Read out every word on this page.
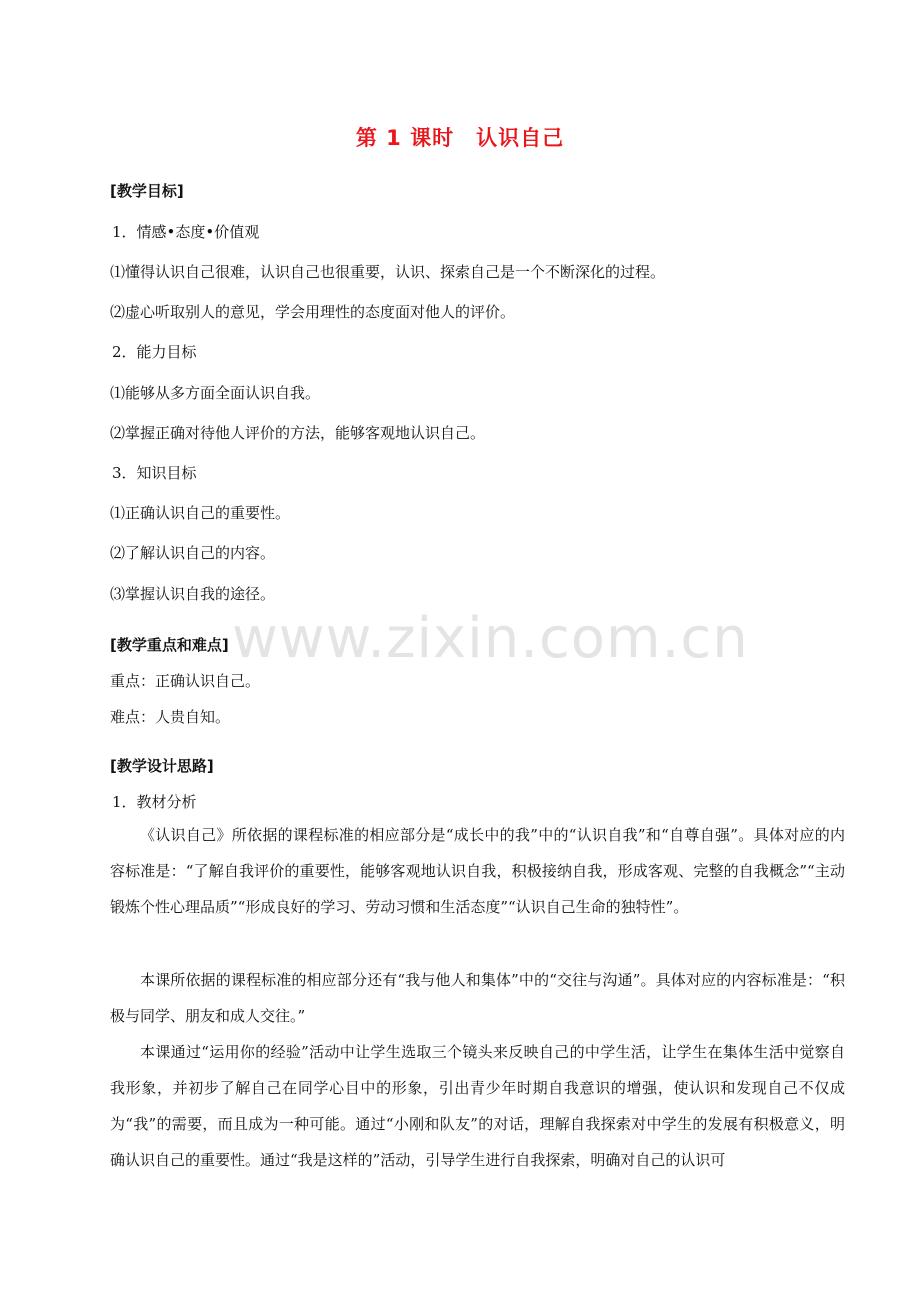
第 1 课时　认识自己
[教学目标]
1．情感•态度•价值观
⑴懂得认识自己很难，认识自己也很重要，认识、探索自己是一个不断深化的过程。
⑵虚心听取别人的意见，学会用理性的态度面对他人的评价。
2．能力目标
⑴能够从多方面全面认识自我。
⑵掌握正确对待他人评价的方法，能够客观地认识自己。
3．知识目标
⑴正确认识自己的重要性。
⑵了解认识自己的内容。
⑶掌握认识自我的途径。
[教学重点和难点]
重点：正确认识自己。
难点：人贵自知。
[教学设计思路]
1．教材分析
《认识自己》所依据的课程标准的相应部分是“成长中的我”中的“认识自我”和“自尊自强”。具体对应的内容标准是：“了解自我评价的重要性，能够客观地认识自我，积极接纳自我，形成客观、完整的自我概念”“主动锻炼个性心理品质”“形成良好的学习、劳动习惯和生活态度”“认识自己生命的独特性”。
本课所依据的课程标准的相应部分还有“我与他人和集体”中的“交往与沟通”。具体对应的内容标准是：“积极与同学、朋友和成人交往。”
本课通过“运用你的经验”活动中让学生选取三个镜头来反映自己的中学生活，让学生在集体生活中觉察自我形象，并初步了解自己在同学心目中的形象，引出青少年时期自我意识的增强，使认识和发现自己不仅成为“我”的需要，而且成为一种可能。通过“小刚和队友”的对话，理解自我探索对中学生的发展有积极意义，明确认识自己的重要性。通过“我是这样的”活动，引导学生进行自我探索，明确对自己的认识可
www.zixin.com.cn
